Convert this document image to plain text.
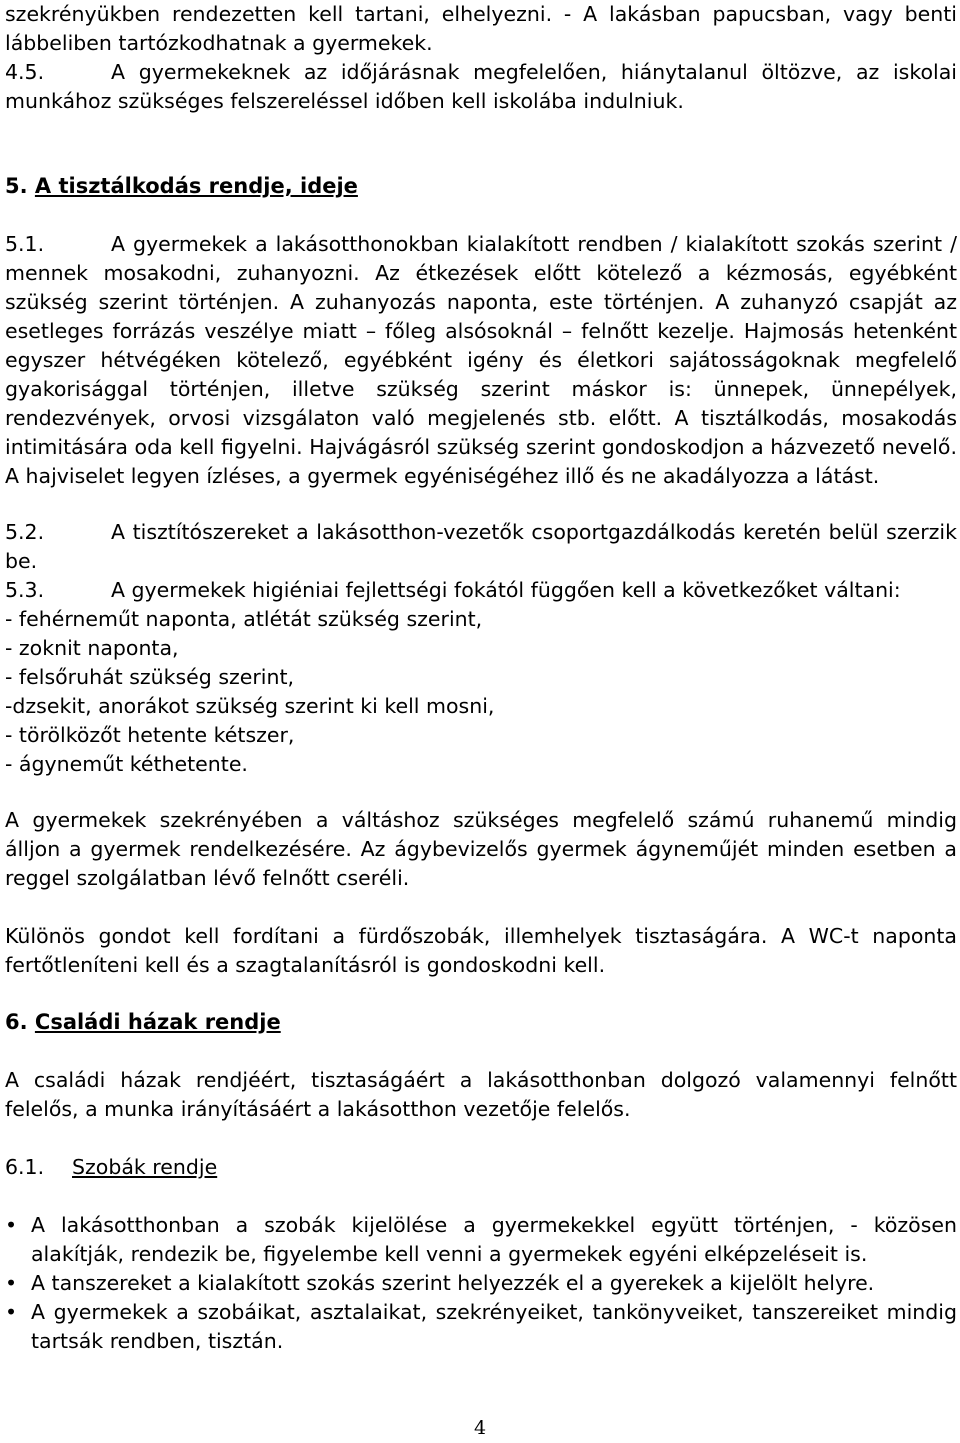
szekrényükben rendezetten kell tartani, elhelyezni. - A lakásban papucsban, vagy benti lábbeliben tartózkodhatnak a gyermekek.
4.5.	A gyermekeknek az időjárásnak megfelelően, hiánytalanul öltözve, az iskolai munkához szükséges felszereléssel időben kell iskolába indulniuk.
5. A tisztálkodás rendje, ideje
5.1.	A gyermekek a lakásotthonokban kialakított rendben / kialakított szokás szerint / mennek mosakodni, zuhanyozni. Az étkezések előtt kötelező a kézmosás, egyébként szükség szerint történjen. A zuhanyozás naponta, este történjen. A zuhanyzó csapját az esetleges forrázás veszélye miatt – főleg alsósoknál – felnőtt kezelje. Hajmosás hetenként egyszer hétvégéken kötelező, egyébként igény és életkori sajátosságoknak megfelelő gyakorisággal történjen, illetve szükség szerint máskor is: ünnepek, ünnepélyek, rendezvények, orvosi vizsgálaton való megjelenés stb. előtt. A tisztálkodás, mosakodás intimitására oda kell figyelni. Hajvágásról szükség szerint gondoskodjon a házvezető nevelő. A hajviselet legyen ízléses, a gyermek egyéniségéhez illő és ne akadályozza a látást.
5.2.	A tisztítószereket a lakásotthon-vezetők csoportgazdálkodás keretén belül szerzik be.
5.3.	A gyermekek higiéniai fejlettségi fokától függően kell a következőket váltani:
- fehérneműt naponta, atlétát szükség szerint,
- zoknit naponta,
- felsőruhát szükség szerint,
-dzsekit, anorákot szükség szerint ki kell mosni,
- törölközőt hetente kétszer,
- ágyneműt kéthetente.
A gyermekek szekrényében a váltáshoz szükséges megfelelő számú ruhanemű mindig álljon a gyermek rendelkezésére. Az ágybevizelős gyermek ágyneműjét minden esetben a reggel szolgálatban lévő felnőtt cseréli.
Különös gondot kell fordítani a fürdőszobák, illemhelyek tisztaságára. A WC-t naponta fertőtleníteni kell és a szagtalanításról is gondoskodni kell.
6. Családi házak rendje
A családi házak rendjéért, tisztaságáért a lakásotthonban dolgozó valamennyi felnőtt felelős, a munka irányításáért a lakásotthon vezetője felelős.
6.1. Szobák rendje
• A lakásotthonban a szobák kijelölése a gyermekekkel együtt történjen, - közösen alakítják, rendezik be, figyelembe kell venni a gyermekek egyéni elképzeléseit is.
• A tanszereket a kialakított szokás szerint helyezzék el a gyerekek a kijelölt helyre.
• A gyermekek a szobáikat, asztalaikat, szekrényeiket, tankönyveiket, tanszereiket mindig tartsák rendben, tisztán.
4
